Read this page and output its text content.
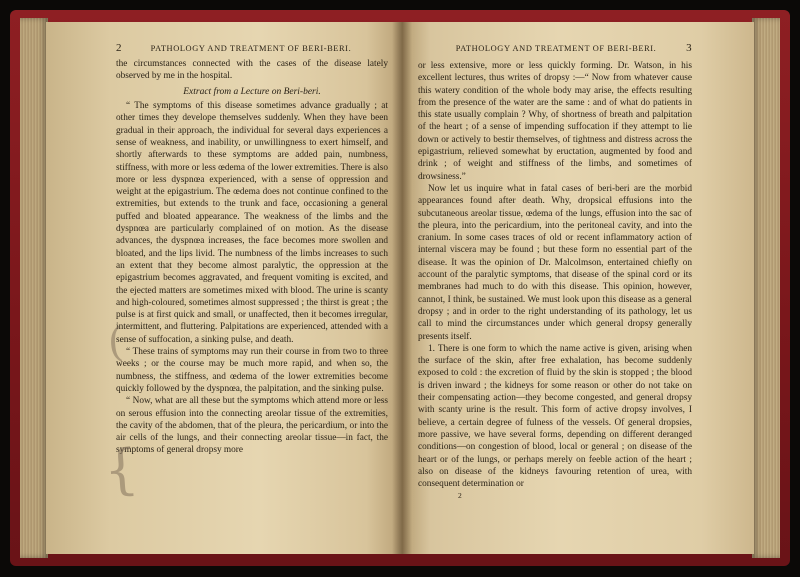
2	PATHOLOGY AND TREATMENT OF BERI-BERI.

the circumstances connected with the cases of the disease lately observed by me in the hospital.

Extract from a Lecture on Beri-beri.

“ The symptoms of this disease sometimes advance gradually ; at other times they develope themselves suddenly. When they have been gradual in their approach, the individual for several days experiences a sense of weakness, and inability, or unwillingness to exert himself, and shortly afterwards to these symptoms are added pain, numbness, stiffness, with more or less œdema of the lower extremities. There is also more or less dyspnœa experienced, with a sense of oppression and weight at the epigastrium. The œdema does not continue confined to the extremities, but extends to the trunk and face, occasioning a general puffed and bloated appearance. The weakness of the limbs and the dyspnœa are particularly complained of on motion. As the disease advances, the dyspnœa increases, the face becomes more swollen and bloated, and the lips livid. The numbness of the limbs increases to such an extent that they become almost paralytic, the oppression at the epigastrium becomes aggravated, and frequent vomiting is excited, and the ejected matters are sometimes mixed with blood. The urine is scanty and high-coloured, sometimes almost suppressed ; the thirst is great ; the pulse is at first quick and small, or unaffected, then it becomes irregular, intermittent, and fluttering. Palpitations are experienced, attended with a sense of suffocation, a sinking pulse, and death.

“ These trains of symptoms may run their course in from two to three weeks ; or the course may be much more rapid, and when so, the numbness, the stiffness, and œdema of the lower extremities become quickly followed by the dyspnœa, the palpitation, and the sinking pulse.

“ Now, what are all these but the symptoms which attend more or less on serous effusion into the connecting areolar tissue of the extremities, the cavity of the abdomen, that of the pleura, the pericardium, or into the air cells of the lungs, and their connecting areolar tissue—in fact, the symptoms of general dropsy more

PATHOLOGY AND TREATMENT OF BERI-BERI.	3

or less extensive, more or less quickly forming. Dr. Watson, in his excellent lectures, thus writes of dropsy :—“ Now from whatever cause this watery condition of the whole body may arise, the effects resulting from the presence of the water are the same : and of what do patients in this state usually complain ? Why, of shortness of breath and palpitation of the heart ; of a sense of impending suffocation if they attempt to lie down or actively to bestir themselves, of tightness and distress across the epigastrium, relieved somewhat by eructation, augmented by food and drink ; of weight and stiffness of the limbs, and sometimes of drowsiness.”

Now let us inquire what in fatal cases of beri-beri are the morbid appearances found after death. Why, dropsical effusions into the subcutaneous areolar tissue, œdema of the lungs, effusion into the sac of the pleura, into the pericardium, into the peritoneal cavity, and into the cranium. In some cases traces of old or recent inflammatory action of internal viscera may be found ; but these form no essential part of the disease. It was the opinion of Dr. Malcolmson, entertained chiefly on account of the paralytic symptoms, that disease of the spinal cord or its membranes had much to do with this disease. This opinion, however, cannot, I think, be sustained. We must look upon this disease as a general dropsy ; and in order to the right understanding of its pathology, let us call to mind the circumstances under which general dropsy generally presents itself.

1. There is one form to which the name active is given, arising when the surface of the skin, after free exhalation, has become suddenly exposed to cold : the excretion of fluid by the skin is stopped ; the blood is driven inward ; the kidneys for some reason or other do not take on their compensating action—they become congested, and general dropsy with scanty urine is the result. This form of active dropsy involves, I believe, a certain degree of fulness of the vessels. Of general dropsies, more passive, we have several forms, depending on different deranged conditions—on congestion of blood, local or general ; on disease of the heart or of the lungs, or perhaps merely on feeble action of the heart ; also on disease of the kidneys favouring retention of urea, with consequent determination or

2
(
{
